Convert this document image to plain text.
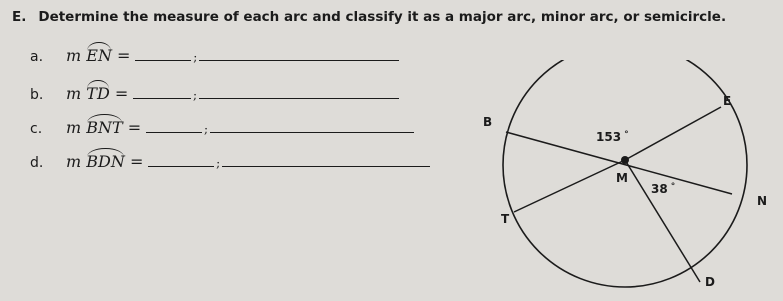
E. Determine the measure of each arc and classify it as a major arc, minor arc, or semicircle.
a. m EN =	;
b. m TD =	;
c. m BNT =	;
d. m BDN =	;
B
E
M
N
T
D
153 °
38 °
